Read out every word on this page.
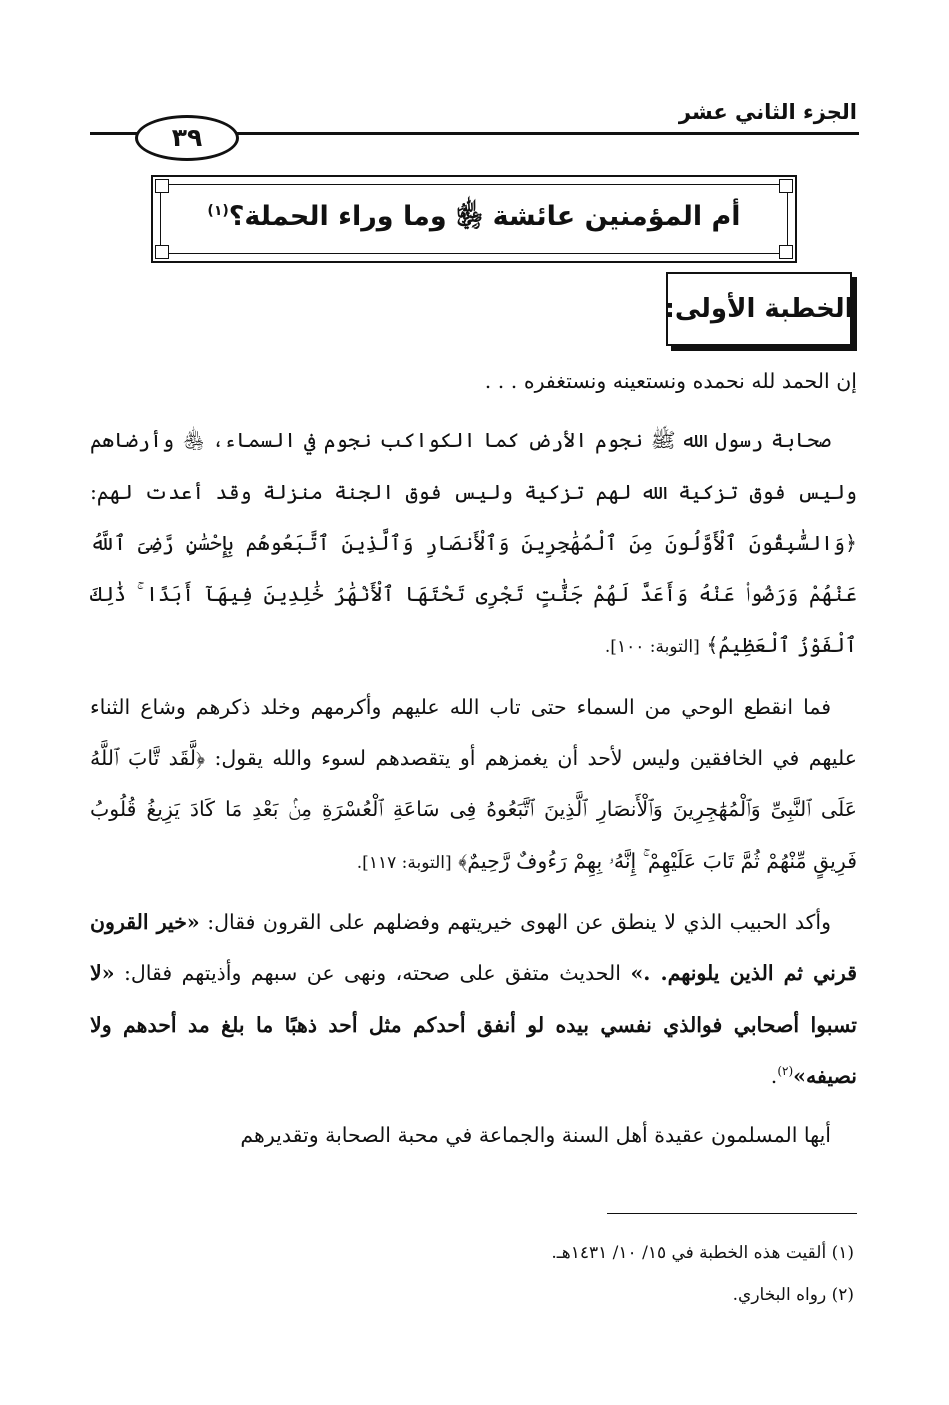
الجزء الثاني عشر
٣٩
أم المؤمنين عائشة ﵂ وما وراء الحملة؟$^{(١)}$
الخطبة الأولى:

إن الحمد لله نحمده ونستعينه ونستغفره . . .

صحابة رسول الله ﷺ نجوم الأرض كما الكواكب نجوم في السماء، ﵃ وأرضاهم وليس فوق تزكية الله لهم تزكية وليس فوق الجنة منزلة وقد أعدت لهم: ﴿وَالسَّٰبِقُونَ ٱلْأَوَّلُونَ مِنَ ٱلْمُهَٰجِرِينَ وَٱلْأَنصَارِ وَٱلَّذِينَ ٱتَّبَعُوهُم بِإِحْسَٰنٍ رَّضِىَ ٱللَّهُ عَنْهُمْ وَرَضُوا۟ عَنْهُ وَأَعَدَّ لَهُمْ جَنَّٰتٍ تَجْرِى تَحْتَهَا ٱلْأَنْهَٰرُ خَٰلِدِينَ فِيهَآ أَبَدًا ۚ ذَٰلِكَ ٱلْفَوْزُ ٱلْعَظِيمُ﴾ [التوبة: ١٠٠].

فما انقطع الوحي من السماء حتى تاب الله عليهم وأكرمهم وخلد ذكرهم وشاع الثناء عليهم في الخافقين وليس لأحد أن يغمزهم أو يتقصدهم لسوء والله يقول: ﴿لَّقَد تَّابَ ٱللَّهُ عَلَى ٱلنَّبِىِّ وَٱلْمُهَٰجِرِينَ وَٱلْأَنصَارِ ٱلَّذِينَ ٱتَّبَعُوهُ فِى سَاعَةِ ٱلْعُسْرَةِ مِنۢ بَعْدِ مَا كَادَ يَزِيغُ قُلُوبُ فَرِيقٍ مِّنْهُمْ ثُمَّ تَابَ عَلَيْهِمْ ۚ إِنَّهُۥ بِهِمْ رَءُوفٌ رَّحِيمٌ﴾ [التوبة: ١١٧].

وأكد الحبيب الذي لا ينطق عن الهوى خيريتهم وفضلهم على القرون فقال: «خير القرون قرني ثم الذين يلونهم. .» الحديث متفق على صحته، ونهى عن سبهم وأذيتهم فقال: «لا تسبوا أصحابي فوالذي نفسي بيده لو أنفق أحدكم مثل أحد ذهبًا ما بلغ مد أحدهم ولا نصيفه»$^{(٢)}$.

أيها المسلمون عقيدة أهل السنة والجماعة في محبة الصحابة وتقديرهم

(١) ألقيت هذه الخطبة في ١٥/ ١٠/ ١٤٣١هـ.
(٢) رواه البخاري.
